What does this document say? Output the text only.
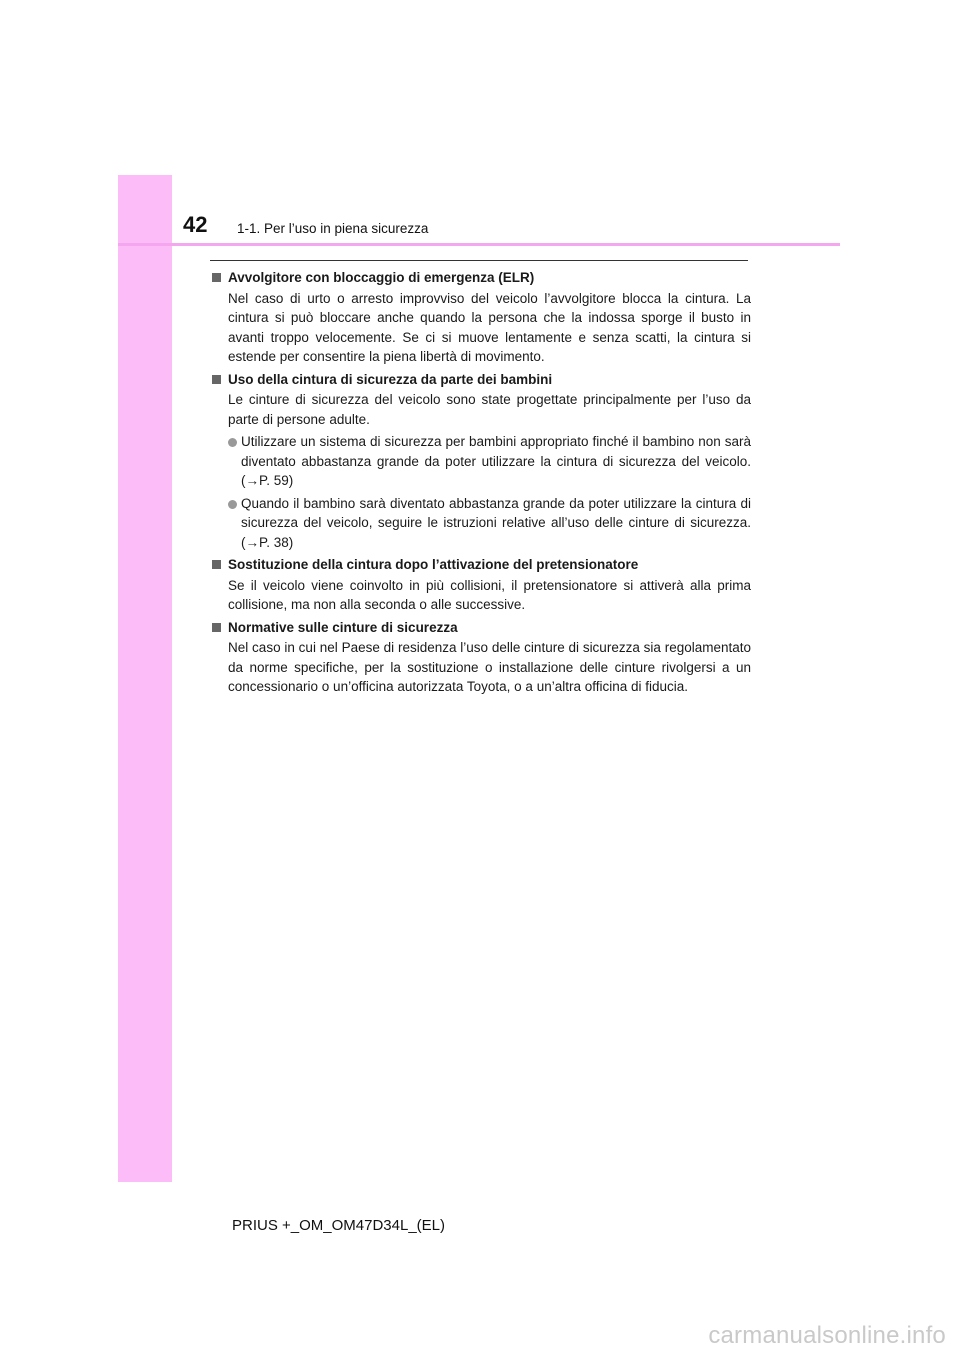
42 1-1. Per l’uso in piena sicurezza
Avvolgitore con bloccaggio di emergenza (ELR)
Nel caso di urto o arresto improvviso del veicolo l’avvolgitore blocca la cintura. La cintura si può bloccare anche quando la persona che la indossa sporge il busto in avanti troppo velocemente. Se ci si muove lentamente e senza scatti, la cintura si estende per consentire la piena libertà di movimento.
Uso della cintura di sicurezza da parte dei bambini
Le cinture di sicurezza del veicolo sono state progettate principalmente per l’uso da parte di persone adulte.
Utilizzare un sistema di sicurezza per bambini appropriato finché il bambino non sarà diventato abbastanza grande da poter utilizzare la cintura di sicurezza del veicolo. (→P. 59)
Quando il bambino sarà diventato abbastanza grande da poter utilizzare la cintura di sicurezza del veicolo, seguire le istruzioni relative all’uso delle cinture di sicurezza. (→P. 38)
Sostituzione della cintura dopo l’attivazione del pretensionatore
Se il veicolo viene coinvolto in più collisioni, il pretensionatore si attiverà alla prima collisione, ma non alla seconda o alle successive.
Normative sulle cinture di sicurezza
Nel caso in cui nel Paese di residenza l’uso delle cinture di sicurezza sia regolamentato da norme specifiche, per la sostituzione o installazione delle cinture rivolgersi a un concessionario o un’officina autorizzata Toyota, o a un’altra officina di fiducia.
PRIUS +_OM_OM47D34L_(EL)
carmanualsonline.info
